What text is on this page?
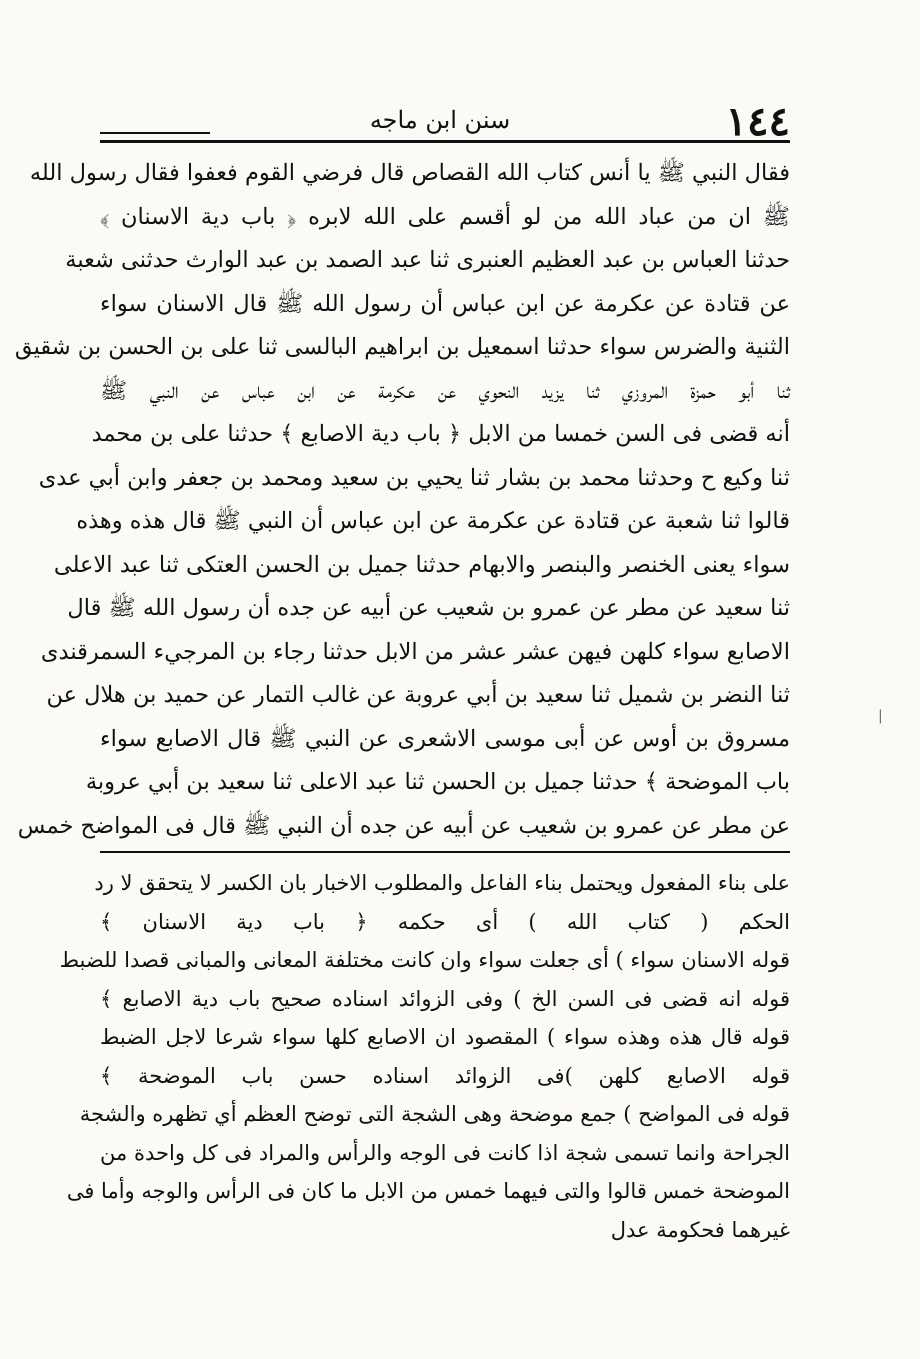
١٤٤
سنن ابن ماجه
فقال النبي ﷺ يا أنس كتاب الله القصاص قال فرضي القوم فعفوا فقال رسول الله
ﷺ ان من عباد الله من لو أقسم على الله لابره ﴿ باب دية الاسنان ﴾
حدثنا العباس بن عبد العظيم العنبرى ثنا عبد الصمد بن عبد الوارث حدثنى شعبة
عن قتادة عن عكرمة عن ابن عباس أن رسول الله ﷺ قال الاسنان سواء
الثنية والضرس سواء حدثنا اسمعيل بن ابراهيم البالسى ثنا على بن الحسن بن شقيق
ثنا أبو حمزة المروزي ثنا يزيد النحوي عن عكرمة عن ابن عباس عن النبي ﷺ
أنه قضى فى السن خمسا من الابل ﴿ باب دية الاصابع ﴾ حدثنا على بن محمد
ثنا وكيع ح وحدثنا محمد بن بشار ثنا يحيي بن سعيد ومحمد بن جعفر وابن أبي عدى
قالوا ثنا شعبة عن قتادة عن عكرمة عن ابن عباس أن النبي ﷺ قال هذه وهذه
سواء يعنى الخنصر والبنصر والابهام حدثنا جميل بن الحسن العتكى ثنا عبد الاعلى
ثنا سعيد عن مطر عن عمرو بن شعيب عن أبيه عن جده أن رسول الله ﷺ قال
الاصابع سواء كلهن فيهن عشر عشر من الابل حدثنا رجاء بن المرجيء السمرقندى
ثنا النضر بن شميل ثنا سعيد بن أبي عروبة عن غالب التمار عن حميد بن هلال عن
مسروق بن أوس عن أبى موسى الاشعرى عن النبي ﷺ قال الاصابع سواء
باب الموضحة ﴾ حدثنا جميل بن الحسن ثنا عبد الاعلى ثنا سعيد بن أبي عروبة
عن مطر عن عمرو بن شعيب عن أبيه عن جده أن النبي ﷺ قال فى المواضح خمس
على بناء المفعول ويحتمل بناء الفاعل والمطلوب الاخبار بان الكسر لا يتحقق لا رد
الحكم ( كتاب الله ) أى حكمه ﴿ باب دية الاسنان ﴾
قوله الاسنان سواء ) أى جعلت سواء وان كانت مختلفة المعانى والمبانى قصدا للضبط
قوله انه قضى فى السن الخ ) وفى الزوائد اسناده صحيح باب دية الاصابع ﴾
قوله قال هذه وهذه سواء ) المقصود ان الاصابع كلها سواء شرعا لاجل الضبط
قوله الاصابع كلهن )فى الزوائد اسناده حسن باب الموضحة ﴾
قوله فى المواضح ) جمع موضحة وهى الشجة التى توضح العظم أي تظهره والشجة
الجراحة وانما تسمى شجة اذا كانت فى الوجه والرأس والمراد فى كل واحدة من
الموضحة خمس قالوا والتى فيهما خمس من الابل ما كان فى الرأس والوجه وأما فى
غيرهما فحكومة عدل
|
